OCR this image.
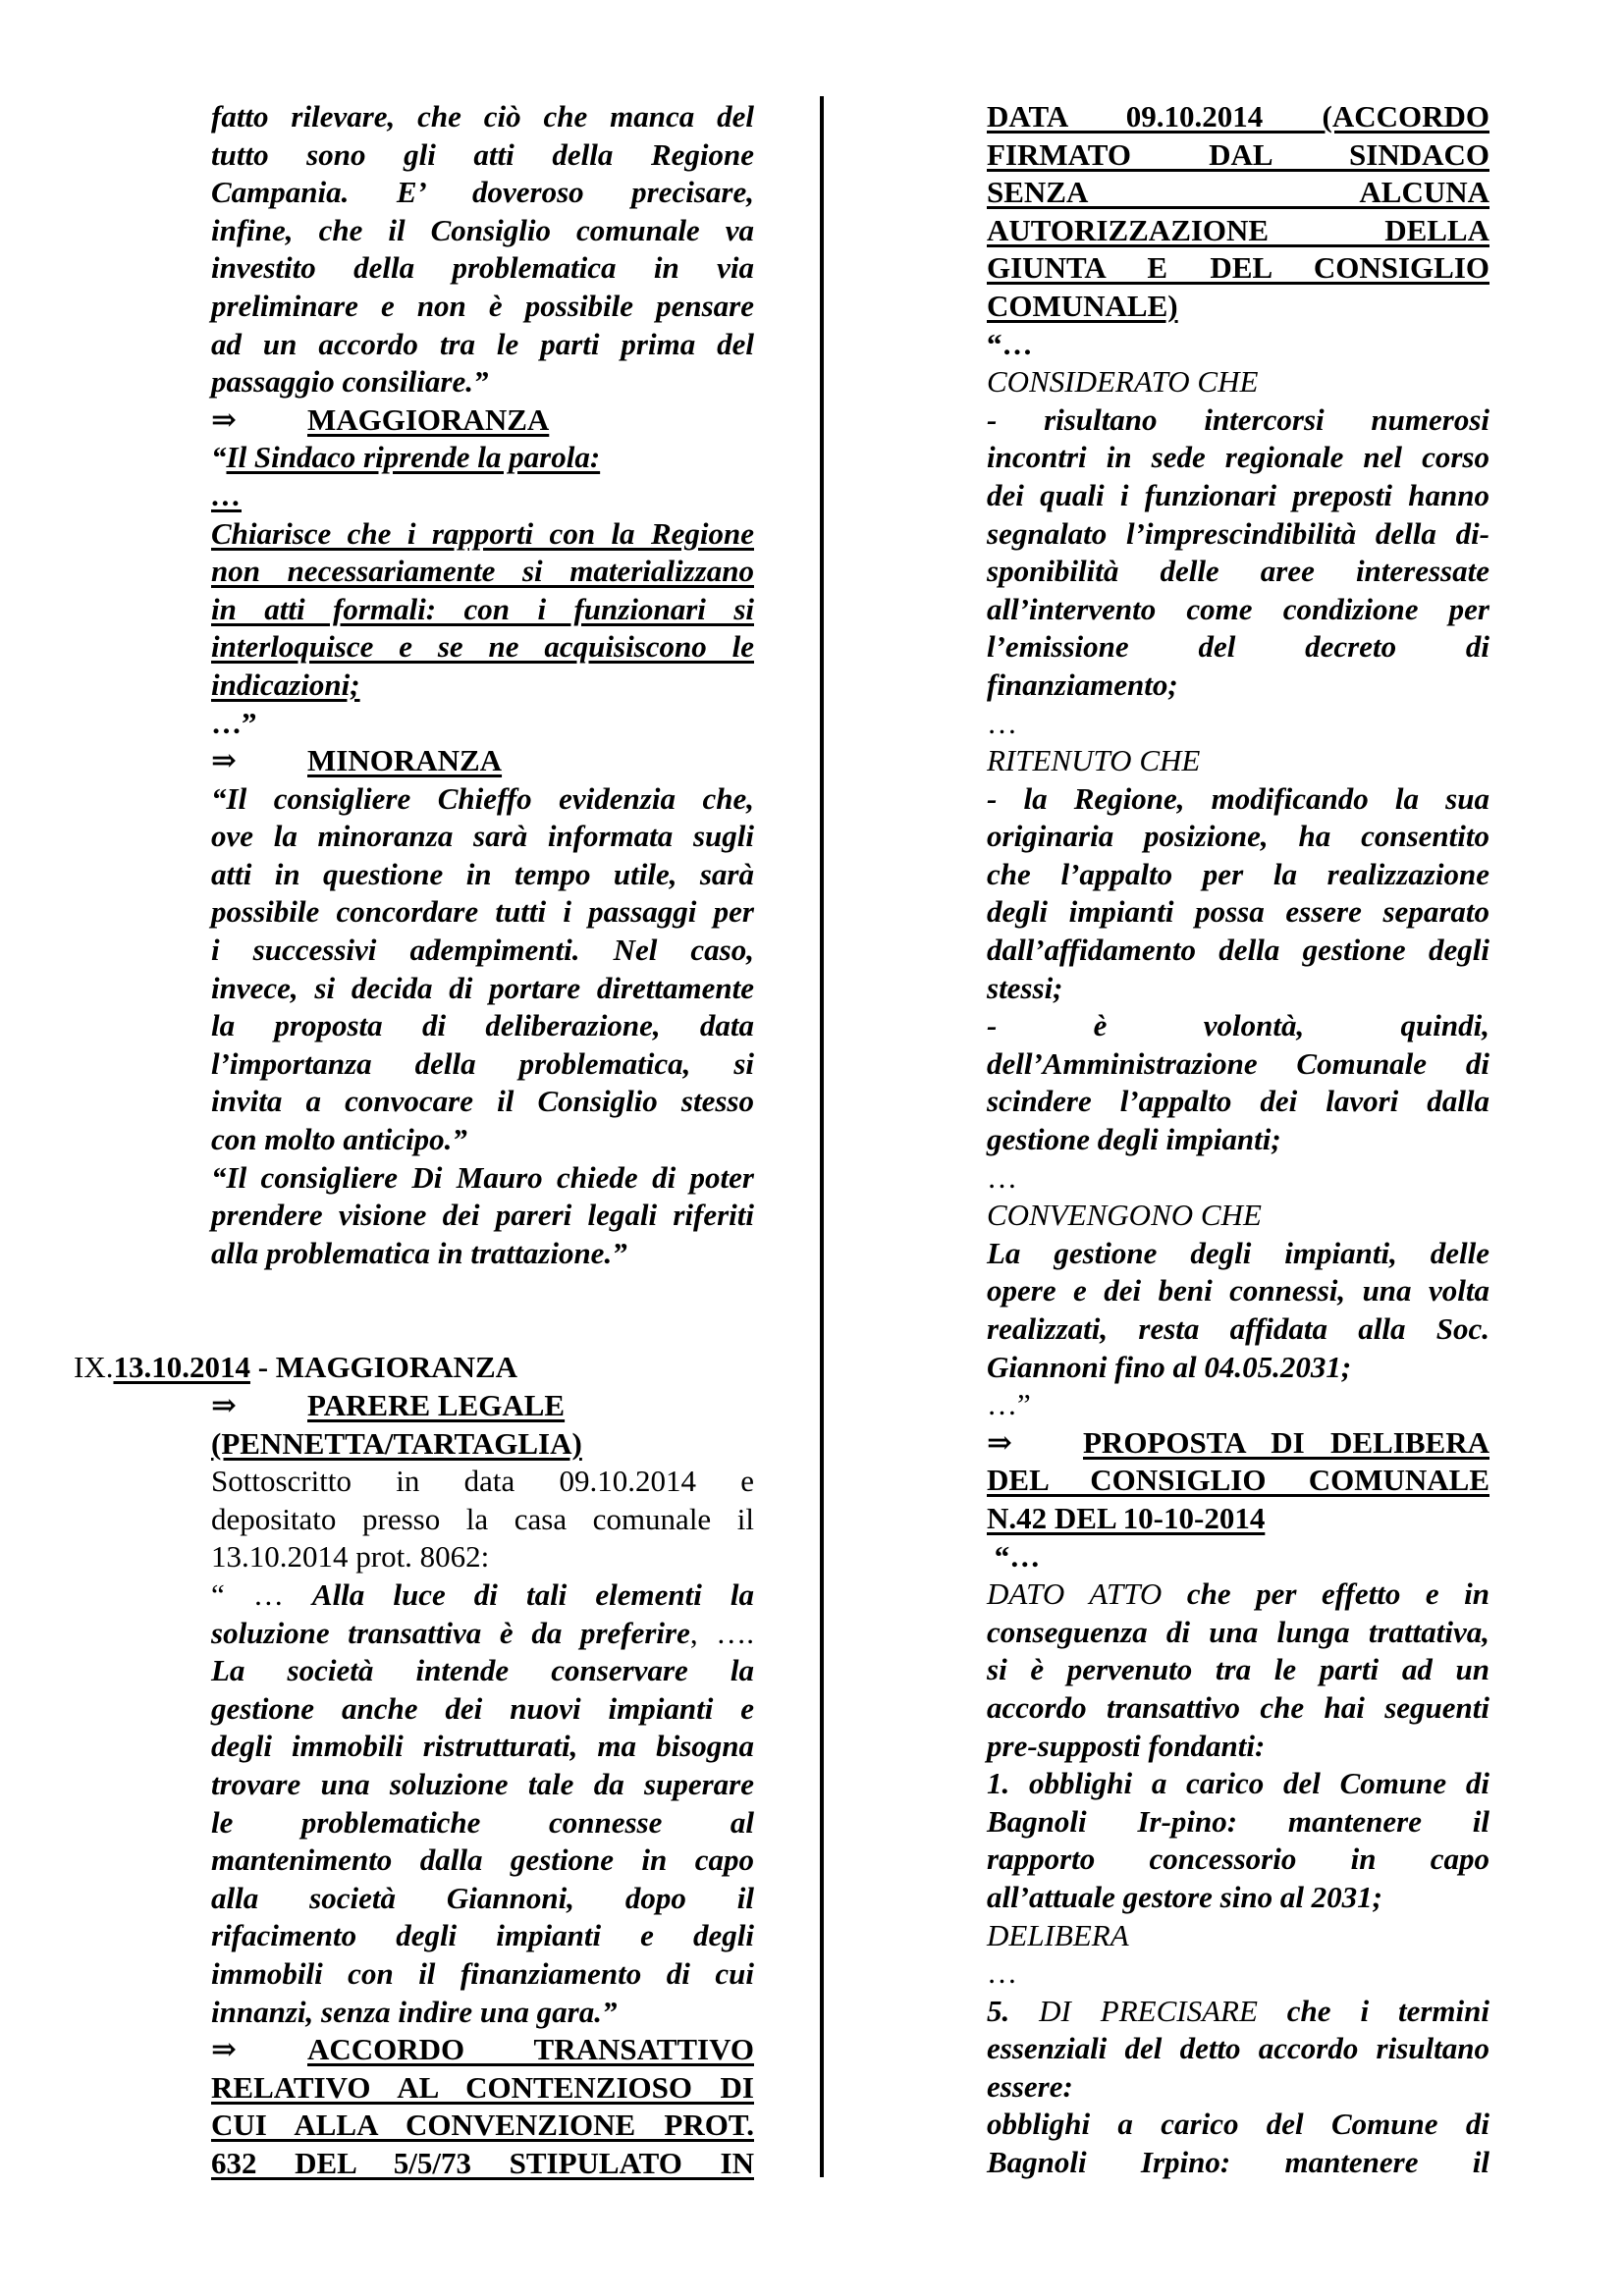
fatto rilevare, che ciò che manca del
tutto sono gli atti della Regione
Campania. E’ doveroso precisare,
infine, che il Consiglio comunale va
investito della problematica in via
preliminare e non è possibile pensare
ad un accordo tra le parti prima del
passaggio consiliare.”
⇒	MAGGIORANZA
“Il Sindaco riprende la parola:
…
Chiarisce che i rapporti con la Regione
non necessariamente si materializzano
in atti formali: con i funzionari si
interloquisce e se ne acquisiscono le
indicazioni;
…”
⇒	MINORANZA
“Il consigliere Chieffo evidenzia che,
ove la minoranza sarà informata sugli
atti in questione in tempo utile, sarà
possibile concordare tutti i passaggi per
i successivi adempimenti. Nel caso,
invece, si decida di portare direttamente
la proposta di deliberazione, data
l’importanza della problematica, si
invita a convocare il Consiglio stesso
con molto anticipo.”
“Il consigliere Di Mauro chiede di poter
prendere visione dei pareri legali riferiti
alla problematica in trattazione.”
IX.13.10.2014 - MAGGIORANZA
⇒	PARERE LEGALE
(PENNETTA/TARTAGLIA)
Sottoscritto in data 09.10.2014 e
depositato presso la casa comunale il
13.10.2014 prot. 8062:
“ … Alla luce di tali elementi la
soluzione transattiva è da preferire, ….
La società intende conservare la
gestione anche dei nuovi impianti e
degli immobili ristrutturati, ma bisogna
trovare una soluzione tale da superare
le problematiche connesse al
mantenimento dalla gestione in capo
alla società Giannoni, dopo il
rifacimento degli impianti e degli
immobili con il finanziamento di cui
innanzi, senza indire una gara.”
⇒	ACCORDO TRANSATTIVO
RELATIVO AL CONTENZIOSO DI
CUI ALLA CONVENZIONE PROT.
632 DEL 5/5/73 STIPULATO IN
DATA 09.10.2014 (ACCORDO
FIRMATO DAL SINDACO
SENZA ALCUNA
AUTORIZZAZIONE DELLA
GIUNTA E DEL CONSIGLIO
COMUNALE)
“…
CONSIDERATO CHE
- risultano intercorsi numerosi
incontri in sede regionale nel corso
dei quali i funzionari preposti hanno
segnalato l’imprescindibilità della di-
sponibilità delle aree interessate
all’intervento come condizione per
l’emissione del decreto di
finanziamento;
…
RITENUTO CHE
- la Regione, modificando la sua
originaria posizione, ha consentito
che l’appalto per la realizzazione
degli impianti possa essere separato
dall’affidamento della gestione degli
stessi;
- è volontà, quindi,
dell’Amministrazione Comunale di
scindere l’appalto dei lavori dalla
gestione degli impianti;
…
CONVENGONO CHE
La gestione degli impianti, delle
opere e dei beni connessi, una volta
realizzati, resta affidata alla Soc.
Giannoni fino al 04.05.2031;
…”
⇒	PROPOSTA DI DELIBERA
DEL CONSIGLIO COMUNALE
N.42 DEL 10-10-2014
“…
DATO ATTO che per effetto e in
conseguenza di una lunga trattativa,
si è pervenuto tra le parti ad un
accordo transattivo che hai seguenti
pre-supposti fondanti:
1. obblighi a carico del Comune di
Bagnoli Ir-pino: mantenere il
rapporto concessorio in capo
all’attuale gestore sino al 2031;
DELIBERA
…
5. DI PRECISARE che i termini
essenziali del detto accordo risultano
essere:
obblighi a carico del Comune di
Bagnoli Irpino: mantenere il
